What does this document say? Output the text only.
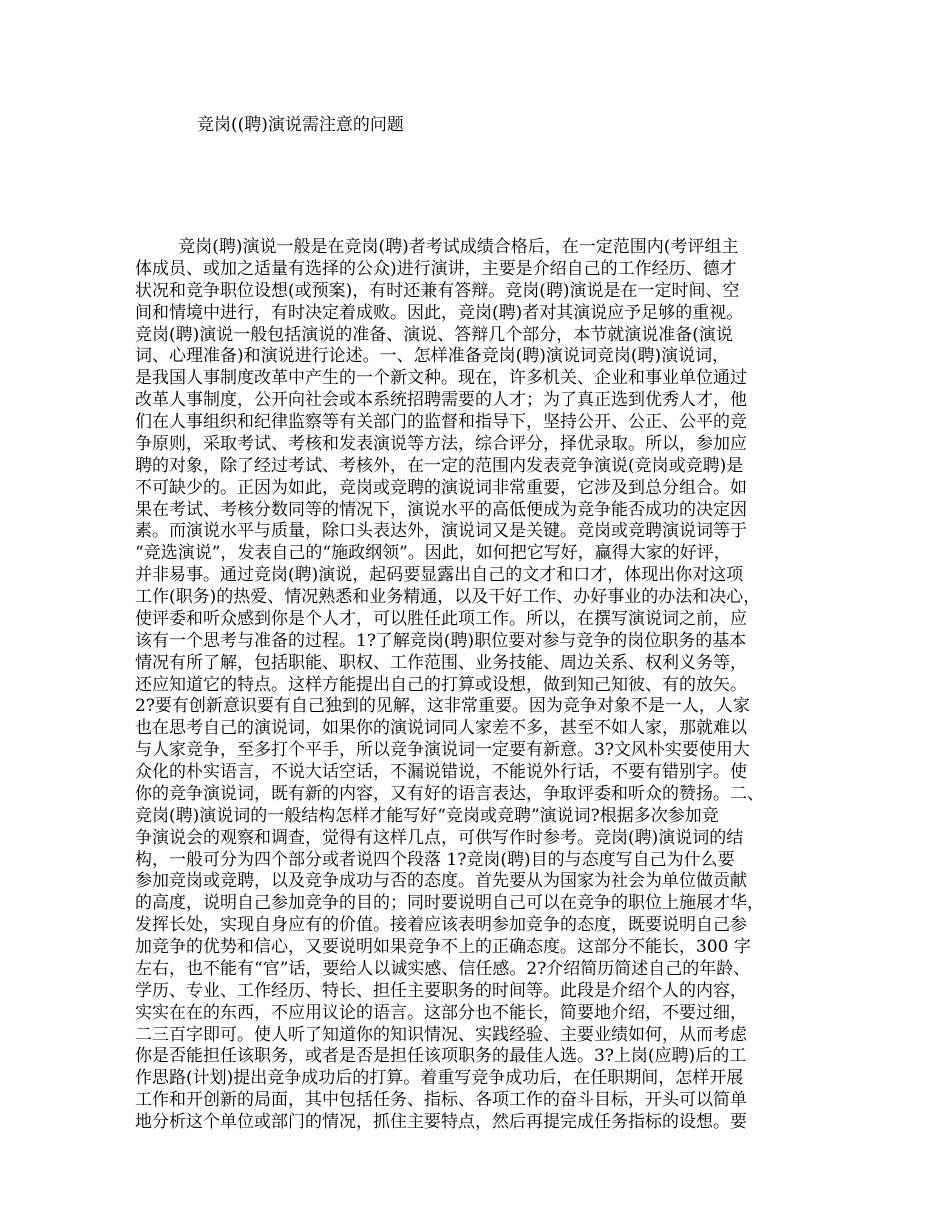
竞岗((聘)演说需注意的问题
竞岗(聘)演说一般是在竞岗(聘)者考试成绩合格后，在一定范围内(考评组主
体成员、或加之适量有选择的公众)进行演讲，主要是介绍自己的工作经历、德才
状况和竞争职位设想(或预案)，有时还兼有答辩。竞岗(聘)演说是在一定时间、空
间和情境中进行，有时决定着成败。因此，竞岗(聘)者对其演说应予足够的重视。
竞岗(聘)演说一般包括演说的准备、演说、答辩几个部分，本节就演说准备(演说
词、心理准备)和演说进行论述。一、怎样准备竞岗(聘)演说词竞岗(聘)演说词，
是我国人事制度改革中产生的一个新文种。现在，许多机关、企业和事业单位通过
改革人事制度，公开向社会或本系统招聘需要的人才；为了真正选到优秀人才，他
们在人事组织和纪律监察等有关部门的监督和指导下，坚持公开、公正、公平的竞
争原则，采取考试、考核和发表演说等方法，综合评分，择优录取。所以，参加应
聘的对象，除了经过考试、考核外，在一定的范围内发表竞争演说(竞岗或竞聘)是
不可缺少的。正因为如此，竞岗或竞聘的演说词非常重要，它涉及到总分组合。如
果在考试、考核分数同等的情况下，演说水平的高低便成为竞争能否成功的决定因
素。而演说水平与质量，除口头表达外，演说词又是关键。竞岗或竞聘演说词等于
“竞选演说”，发表自己的“施政纲领”。因此，如何把它写好，赢得大家的好评，
并非易事。通过竞岗(聘)演说，起码要显露出自己的文才和口才，体现出你对这项
工作(职务)的热爱、情况熟悉和业务精通，以及干好工作、办好事业的办法和决心，
使评委和听众感到你是个人才，可以胜任此项工作。所以，在撰写演说词之前，应
该有一个思考与准备的过程。1?了解竞岗(聘)职位要对参与竞争的岗位职务的基本
情况有所了解，包括职能、职权、工作范围、业务技能、周边关系、权利义务等，
还应知道它的特点。这样方能提出自己的打算或设想，做到知己知彼、有的放矢。
2?要有创新意识要有自己独到的见解，这非常重要。因为竞争对象不是一人，人家
也在思考自己的演说词，如果你的演说词同人家差不多，甚至不如人家，那就难以
与人家竞争，至多打个平手，所以竞争演说词一定要有新意。3?文风朴实要使用大
众化的朴实语言，不说大话空话，不漏说错说，不能说外行话，不要有错别字。使
你的竞争演说词，既有新的内容，又有好的语言表达，争取评委和听众的赞扬。二、
竞岗(聘)演说词的一般结构怎样才能写好“竞岗或竞聘”演说词?根据多次参加竞
争演说会的观察和调查，觉得有这样几点，可供写作时参考。竞岗(聘)演说词的结
构，一般可分为四个部分或者说四个段落 1?竞岗(聘)目的与态度写自己为什么要
参加竞岗或竞聘，以及竞争成功与否的态度。首先要从为国家为社会为单位做贡献
的高度，说明自己参加竞争的目的；同时要说明自己可以在竞争的职位上施展才华，
发挥长处，实现自身应有的价值。接着应该表明参加竞争的态度，既要说明自己参
加竞争的优势和信心，又要说明如果竞争不上的正确态度。这部分不能长，300 字
左右，也不能有“官”话，要给人以诚实感、信任感。2?介绍简历简述自己的年龄、
学历、专业、工作经历、特长、担任主要职务的时间等。此段是介绍个人的内容，
实实在在的东西，不应用议论的语言。这部分也不能长，简要地介绍，不要过细，
二三百字即可。使人听了知道你的知识情况、实践经验、主要业绩如何，从而考虑
你是否能担任该职务，或者是否是担任该项职务的最佳人选。3?上岗(应聘)后的工
作思路(计划)提出竞争成功后的打算。着重写竞争成功后，在任职期间，怎样开展
工作和开创新的局面，其中包括任务、指标、各项工作的奋斗目标，开头可以简单
地分析这个单位或部门的情况，抓住主要特点，然后再提完成任务指标的设想。要
